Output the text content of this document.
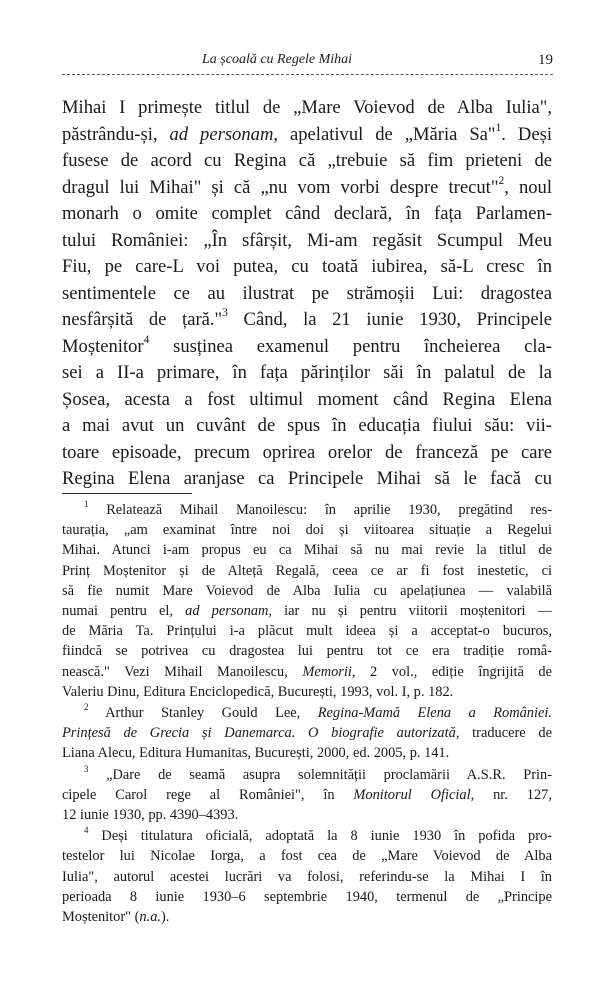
La școală cu Regele Mihai	19
Mihai I primește titlul de „Mare Voievod de Alba Iulia",
păstrându-și, ad personam, apelativul de „Măria Sa"$^1$. Deși
fusese de acord cu Regina că „trebuie să fim prieteni de
dragul lui Mihai" și că „nu vom vorbi despre trecut"$^2$, noul
monarh o omite complet când declară, în fața Parlamen-
tului României: „În sfârșit, Mi-am regăsit Scumpul Meu
Fiu, pe care-L voi putea, cu toată iubirea, să-L cresc în
sentimentele ce au ilustrat pe strămoșii Lui: dragostea
nesfârșită de țară."$^3$ Când, la 21 iunie 1930, Principele
Moștenitor$^4$ susținea examenul pentru încheierea cla-
sei a II-a primare, în fața părinților săi în palatul de la
Șosea, acesta a fost ultimul moment când Regina Elena
a mai avut un cuvânt de spus în educația fiului său: vii-
toare episoade, precum oprirea orelor de franceză pe care
Regina Elena aranjase ca Principele Mihai să le facă cu
$^1$ Relatează Mihail Manoilescu: în aprilie 1930, pregătind res-
taurația, „am examinat între noi doi și viitoarea situație a Regelui
Mihai. Atunci i-am propus eu ca Mihai să nu mai revie la titlul de
Prinț Moștenitor și de Alteță Regală, ceea ce ar fi fost inestetic, ci
să fie numit Mare Voievod de Alba Iulia cu apelațiunea — valabilă
numai pentru el, ad personam, iar nu și pentru viitorii moștenitori —
de Măria Ta. Prințului i-a plăcut mult ideea și a acceptat-o bucuros,
fiindcă se potrivea cu dragostea lui pentru tot ce era tradiție româ-
nească." Vezi Mihail Manoilescu, Memorii, 2 vol., ediție îngrijită de
Valeriu Dinu, Editura Enciclopedică, București, 1993, vol. I, p. 182.
$^2$ Arthur Stanley Gould Lee, Regina-Mamă Elena a României.
Prințesă de Grecia și Danemarca. O biografie autorizată, traducere de
Liana Alecu, Editura Humanitas, București, 2000, ed. 2005, p. 141.
$^3$ „Dare de seamă asupra solemnității proclamării A.S.R. Prin-
cipele Carol rege al României", în Monitorul Oficial, nr. 127,
12 iunie 1930, pp. 4390–4393.
$^4$ Deși titulatura oficială, adoptată la 8 iunie 1930 în pofida pro-
testelor lui Nicolae Iorga, a fost cea de „Mare Voievod de Alba
Iulia", autorul acestei lucrări va folosi, referindu-se la Mihai I în
perioada 8 iunie 1930–6 septembrie 1940, termenul de „Principe
Moștenitor" (n.a.).
